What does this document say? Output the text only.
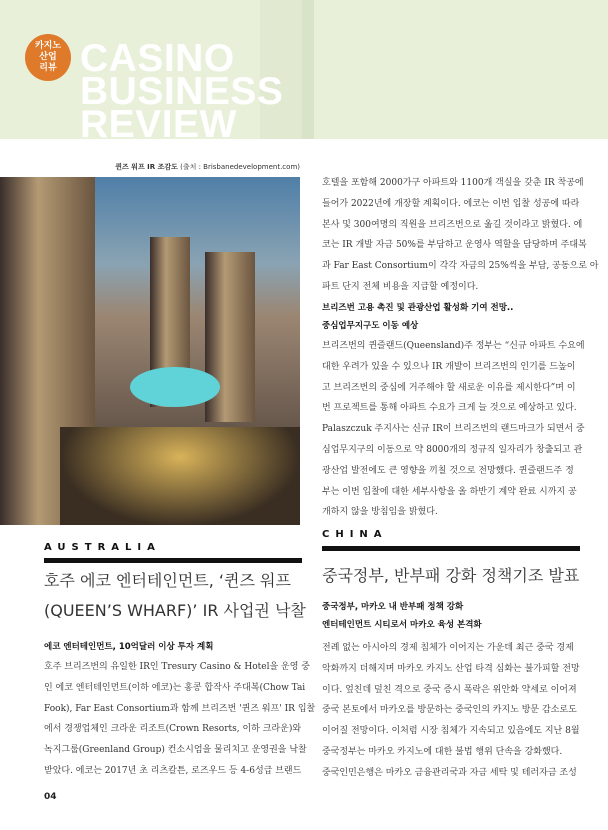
카지노
산업
리뷰 CASINO
BUSINESS
REVIEW
퀸즈 워프 IR 조감도 (출처 : Brisbanedevelopment.com)
AUSTRALIA
호주 에코 엔터테인먼트, ‘퀸즈 워프
(QUEEN’S WHARF)’ IR 사업권 낙찰
에코 엔터테인먼트, 10억달러 이상 투자 계획
호주 브리즈번의 유일한 IR인 Tresury Casino & Hotel을 운영 중
인 에코 엔터테인먼트(이하 에코)는 홍콩 합작사 주대복(Chow Tai
Fook), Far East Consortium과 함께 브리즈번 '퀸즈 워프' IR 입찰
에서 경쟁업체인 크라운 리조트(Crown Resorts, 이하 크라운)와
녹지그룹(Greenland Group) 컨소시엄을 물리치고 운영권을 낙찰
받았다. 에코는 2017년 초 리츠칼튼, 로즈우드 등 4-6성급 브랜드
04
호텔을 포함해 2000가구 아파트와 1100개 객실을 갖춘 IR 착공에
들어가 2022년에 개장할 계획이다. 에코는 이번 입찰 성공에 따라
본사 및 300여명의 직원을 브리즈번으로 옮길 것이라고 밝혔다. 에
코는 IR 개발 자금 50%를 부담하고 운영사 역할을 담당하며 주대복
과 Far East Consortium이 각각 자금의 25%씩을 부담, 공동으로 아
파트 단지 전체 비용을 지급할 예정이다.
브리즈번 고용 촉진 및 관광산업 활성화 기여 전망..
중심업무지구도 이동 예상
브리즈번의 퀸즐랜드(Queensland)주 정부는 “신규 아파트 수요에
대한 우려가 있을 수 있으나 IR 개발이 브리즈번의 인기를 드높이
고 브리즈번의 중심에 거주해야 할 새로운 이유를 제시한다”며 이
번 프로젝트를 통해 아파트 수요가 크게 늘 것으로 예상하고 있다.
Palaszczuk 주지사는 신규 IR이 브리즈번의 랜드마크가 되면서 중
심업무지구의 이동으로 약 8000개의 정규직 일자리가 창출되고 관
광산업 발전에도 큰 영향을 끼칠 것으로 전망했다. 퀸즐랜드주 정
부는 이번 입찰에 대한 세부사항을 올 하반기 계약 완료 시까지 공
개하지 않을 방침임을 밝혔다.
CHINA
중국정부, 반부패 강화 정책기조 발표
중국정부, 마카오 내 반부패 정책 강화
엔터테인먼트 시티로서 마카오 육성 본격화
전례 없는 아시아의 경제 침체가 이어지는 가운데 최근 중국 경제
악화까지 더해지며 마카오 카지노 산업 타격 심화는 불가피할 전망
이다. 엎친데 덮친 격으로 중국 증시 폭락은 위안화 약세로 이어져
중국 본토에서 마카오를 방문하는 중국인의 카지노 방문 감소로도
이어질 전망이다. 이처럼 시장 침체가 지속되고 있음에도 지난 8월
중국정부는 마카오 카지노에 대한 불법 행위 단속을 강화했다.
중국인민은행은 마카오 금융관리국과 자금 세탁 및 테러자금 조성
